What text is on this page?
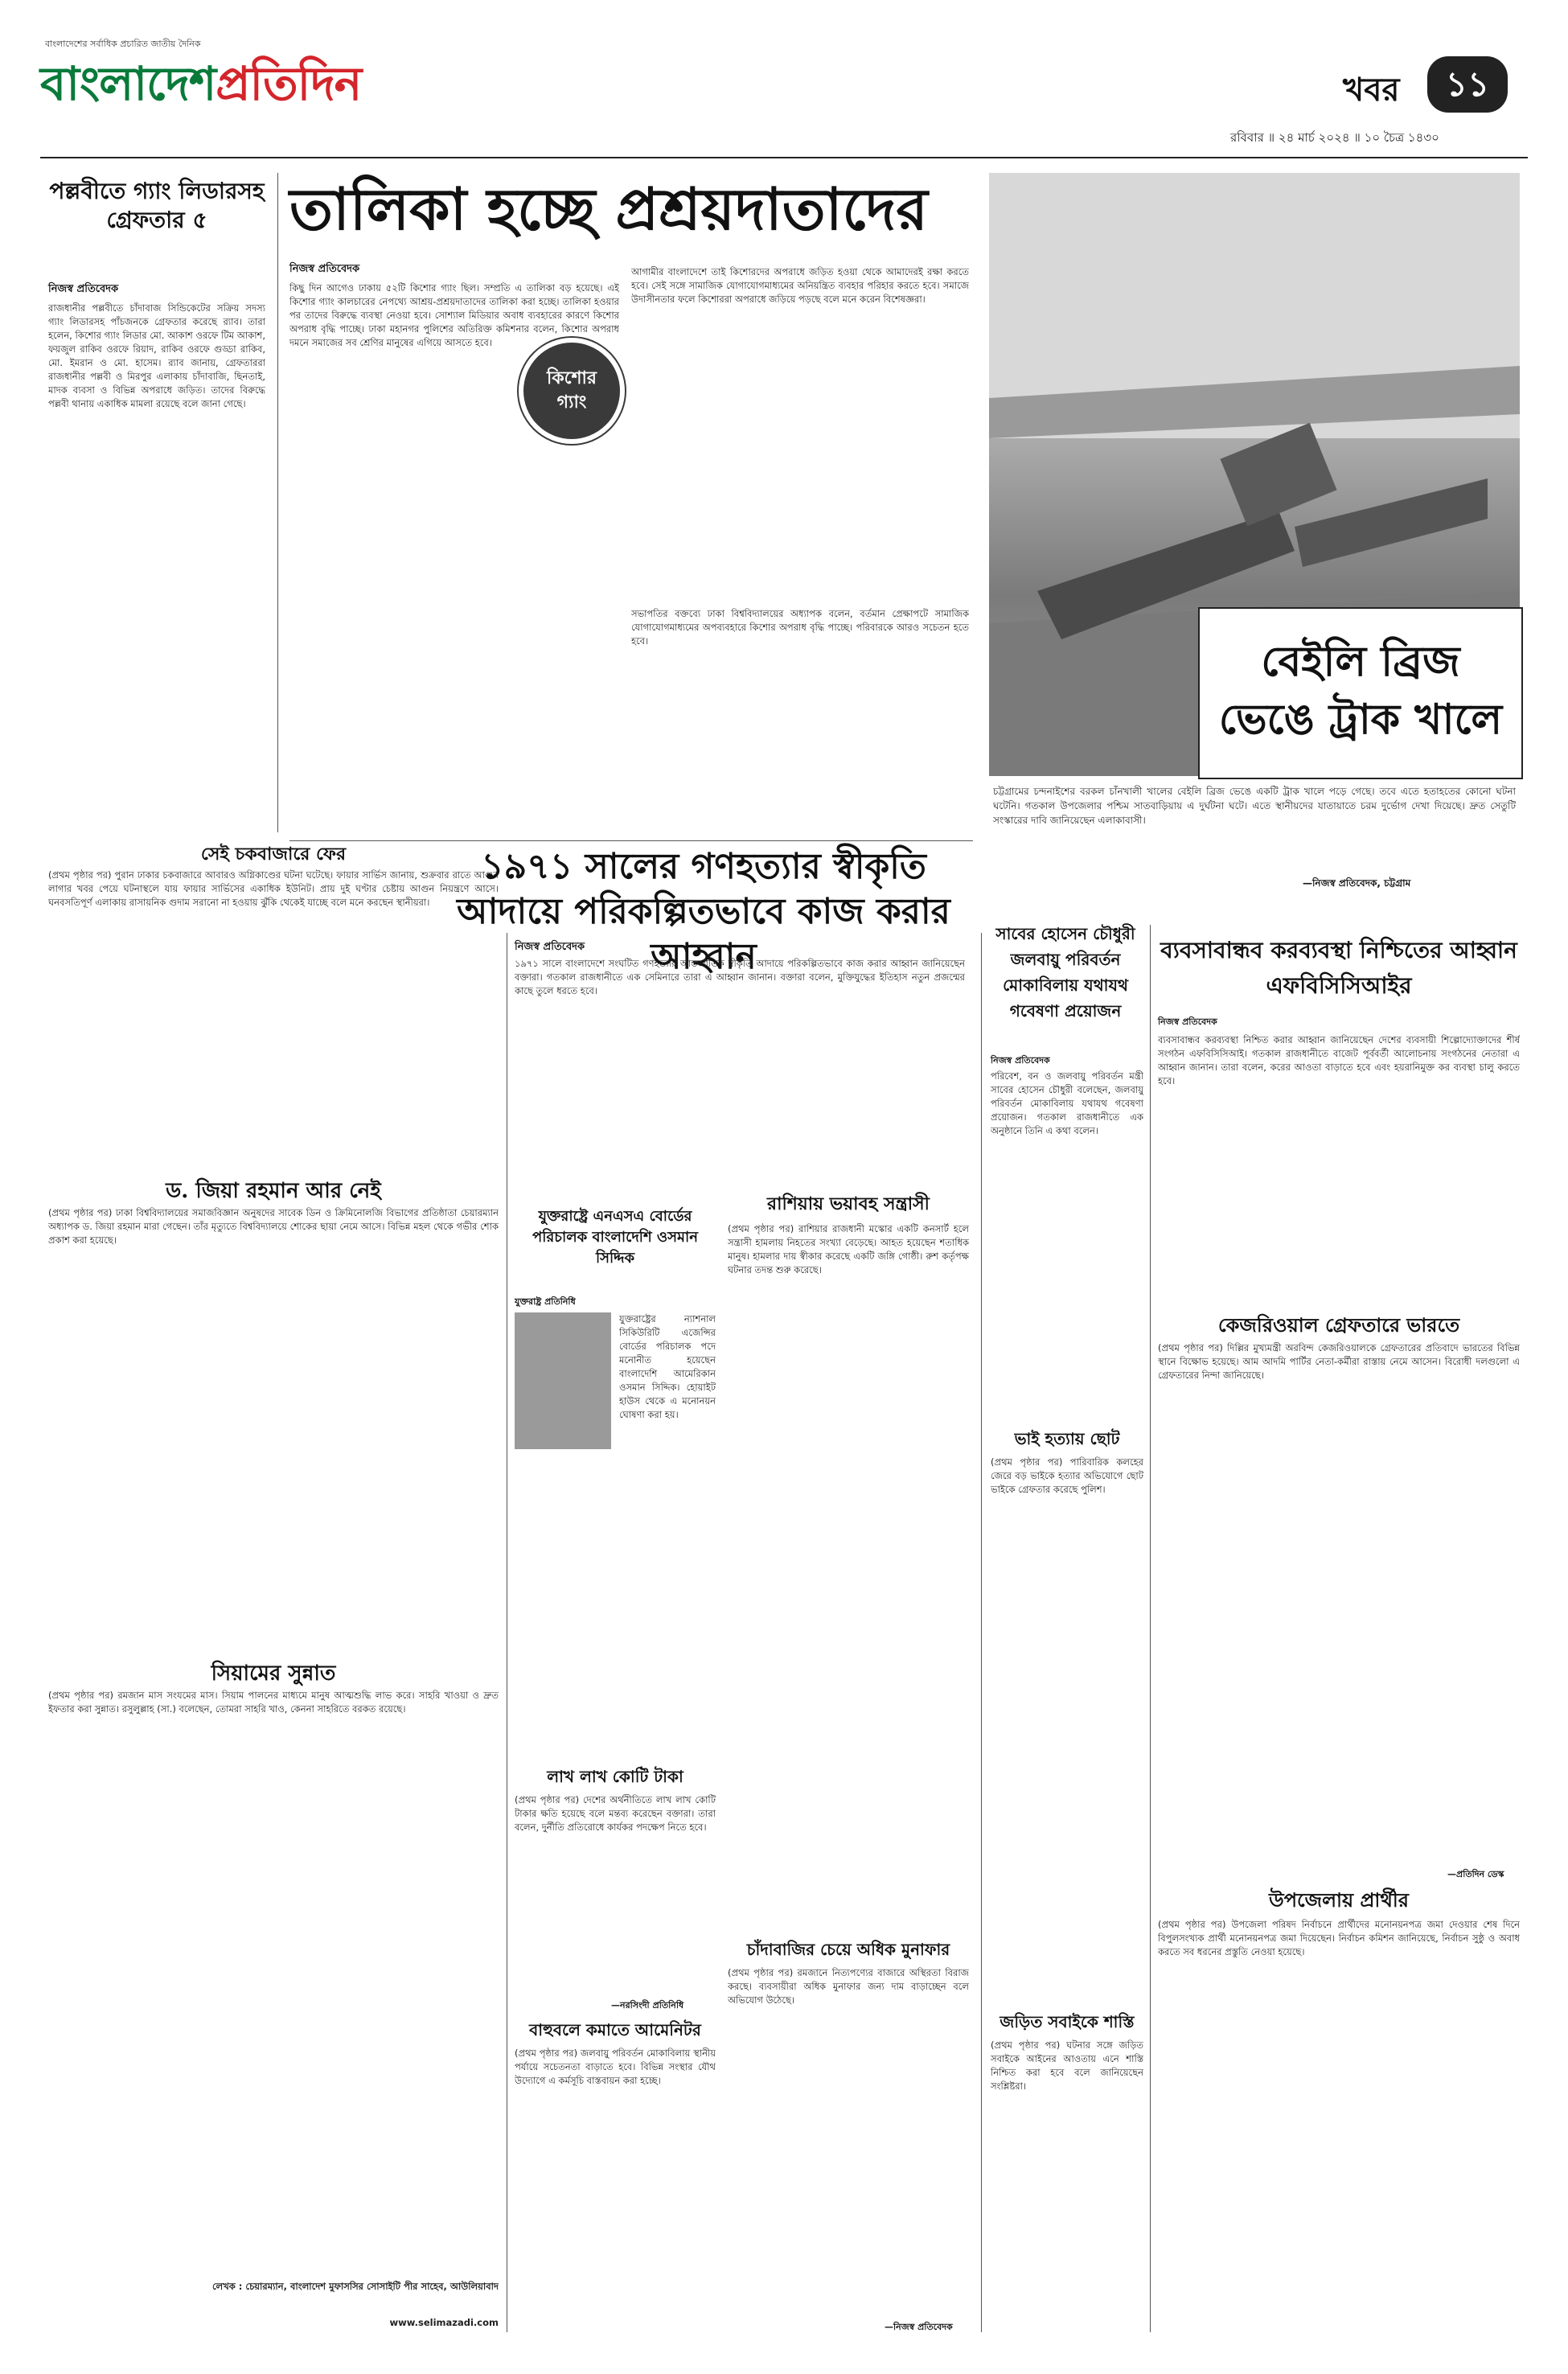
বাংলাদেশের সর্বাধিক প্রচারিত জাতীয় দৈনিক
বাংলাদেশপ্রতিদিন	খবর	১১
রবিবার ॥ ২৪ মার্চ ২০২৪ ॥ ১০ চৈত্র ১৪৩০
পল্লবীতে গ্যাং লিডারসহ গ্রেফতার ৫
নিজস্ব প্রতিবেদক
রাজধানীর পল্লবীতে চাঁদাবাজ সিন্ডিকেটের সক্রিয় সদস্য গ্যাং লিডারসহ পাঁচজনকে গ্রেফতার করেছে র‌্যাব। তারা হলেন, কিশোর গ্যাং লিডার মো. আকাশ ওরফে টিম আকাশ, ফয়জুল রাকিব ওরফে রিয়াদ, রাকিব ওরফে গুড্ডা রাকিব, মো. ইমরান ও মো. হাসেম। র‌্যাব জানায়, গ্রেফতাররা রাজধানীর পল্লবী ও মিরপুর এলাকায় চাঁদাবাজি, ছিনতাই, মাদক ব্যবসা ও বিভিন্ন অপরাধে জড়িত। তাদের বিরুদ্ধে পল্লবী থানায় একাধিক মামলা রয়েছে বলে জানা গেছে।
তালিকা হচ্ছে প্রশ্রয়দাতাদের
নিজস্ব প্রতিবেদক
কিছু দিন আগেও ঢাকায় ৫২টি কিশোর গ্যাং ছিল। সম্প্রতি এ তালিকা বড় হয়েছে। এই কিশোর গ্যাং কালচারের নেপথ্যে আশ্রয়-প্রশ্রয়দাতাদের তালিকা করা হচ্ছে। তালিকা হওয়ার পর তাদের বিরুদ্ধে ব্যবস্থা নেওয়া হবে। সোশ্যাল মিডিয়ার অবাধ ব্যবহারের কারণে কিশোর অপরাধ বৃদ্ধি পাচ্ছে। ঢাকা মহানগর পুলিশের অতিরিক্ত কমিশনার বলেন, কিশোর অপরাধ দমনে সমাজের সব শ্রেণির মানুষের এগিয়ে আসতে হবে।
কিশোর গ্যাং
আগামীর বাংলাদেশে তাই কিশোরদের অপরাধে জড়িত হওয়া থেকে আমাদেরই রক্ষা করতে হবে। সেই সঙ্গে সামাজিক যোগাযোগমাধ্যমের অনিয়ন্ত্রিত ব্যবহার পরিহার করতে হবে। সমাজে উদাসীনতার ফলে কিশোররা অপরাধে জড়িয়ে পড়ছে বলে মনে করেন বিশেষজ্ঞরা।
সভাপতির বক্তব্যে ঢাকা বিশ্ববিদ্যালয়ের অধ্যাপক বলেন, বর্তমান প্রেক্ষাপটে সামাজিক যোগাযোগমাধ্যমের অপব্যবহারে কিশোর অপরাধ বৃদ্ধি পাচ্ছে। পরিবারকে আরও সচেতন হতে হবে।	বেইলি ব্রিজ ভেঙে ট্রাক খালে
চট্টগ্রামের চন্দনাইশের বরকল চাঁনখালী খালের বেইলি ব্রিজ ভেঙে একটি ট্রাক খালে পড়ে গেছে। তবে এতে হতাহতের কোনো ঘটনা ঘটেনি। গতকাল উপজেলার পশ্চিম সাতবাড়িয়ায় এ দুর্ঘটনা ঘটে। এতে স্থানীয়দের যাতায়াতে চরম দুর্ভোগ দেখা দিয়েছে। দ্রুত সেতুটি সংস্কারের দাবি জানিয়েছেন এলাকাবাসী।
—নিজস্ব প্রতিবেদক, চট্টগ্রাম
সেই চকবাজারে ফের
(প্রথম পৃষ্ঠার পর) পুরান ঢাকার চকবাজারে আবারও অগ্নিকাণ্ডের ঘটনা ঘটেছে। ফায়ার সার্ভিস জানায়, শুক্রবার রাতে আগুন লাগার খবর পেয়ে ঘটনাস্থলে যায় ফায়ার সার্ভিসের একাধিক ইউনিট। প্রায় দুই ঘণ্টার চেষ্টায় আগুন নিয়ন্ত্রণে আসে। ঘনবসতিপূর্ণ এলাকায় রাসায়নিক গুদাম সরানো না হওয়ায় ঝুঁকি থেকেই যাচ্ছে বলে মনে করছেন স্থানীয়রা।
ড. জিয়া রহমান আর নেই
(প্রথম পৃষ্ঠার পর) ঢাকা বিশ্ববিদ্যালয়ের সমাজবিজ্ঞান অনুষদের সাবেক ডিন ও ক্রিমিনোলজি বিভাগের প্রতিষ্ঠাতা চেয়ারম্যান অধ্যাপক ড. জিয়া রহমান মারা গেছেন। তাঁর মৃত্যুতে বিশ্ববিদ্যালয়ে শোকের ছায়া নেমে আসে। বিভিন্ন মহল থেকে গভীর শোক প্রকাশ করা হয়েছে।
সিয়ামের সুন্নাত
(প্রথম পৃষ্ঠার পর) রমজান মাস সংযমের মাস। সিয়াম পালনের মাধ্যমে মানুষ আত্মশুদ্ধি লাভ করে। সাহরি খাওয়া ও দ্রুত ইফতার করা সুন্নাত। রসুলুল্লাহ (সা.) বলেছেন, তোমরা সাহরি খাও, কেননা সাহরিতে বরকত রয়েছে।
লেখক : চেয়ারম্যান, বাংলাদেশ মুফাসসির সোসাইটি পীর সাহেব, আউলিয়াবাদ
www.selimazadi.com
১৯৭১ সালের গণহত্যার স্বীকৃতি আদায়ে পরিকল্পিতভাবে কাজ করার আহ্বান
নিজস্ব প্রতিবেদক
১৯৭১ সালে বাংলাদেশে সংঘটিত গণহত্যার আন্তর্জাতিক স্বীকৃতি আদায়ে পরিকল্পিতভাবে কাজ করার আহ্বান জানিয়েছেন বক্তারা। গতকাল রাজধানীতে এক সেমিনারে তারা এ আহ্বান জানান। বক্তারা বলেন, মুক্তিযুদ্ধের ইতিহাস নতুন প্রজন্মের কাছে তুলে ধরতে হবে।
যুক্তরাষ্ট্রে এনএসএ বোর্ডের পরিচালক বাংলাদেশি ওসমান সিদ্দিক
যুক্তরাষ্ট্র প্রতিনিধি
যুক্তরাষ্ট্রের ন্যাশনাল সিকিউরিটি এজেন্সির বোর্ডের পরিচালক পদে মনোনীত হয়েছেন বাংলাদেশি আমেরিকান ওসমান সিদ্দিক। হোয়াইট হাউস থেকে এ মনোনয়ন ঘোষণা করা হয়।
লাখ লাখ কোটি টাকা
(প্রথম পৃষ্ঠার পর) দেশের অর্থনীতিতে লাখ লাখ কোটি টাকার ক্ষতি হয়েছে বলে মন্তব্য করেছেন বক্তারা। তারা বলেন, দুর্নীতি প্রতিরোধে কার্যকর পদক্ষেপ নিতে হবে।
—নরসিংদী প্রতিনিধি
বাহুবলে কমাতে আমেনিটর
(প্রথম পৃষ্ঠার পর) জলবায়ু পরিবর্তন মোকাবিলায় স্থানীয় পর্যায়ে সচেতনতা বাড়াতে হবে। বিভিন্ন সংস্থার যৌথ উদ্যোগে এ কর্মসূচি বাস্তবায়ন করা হচ্ছে।
রাশিয়ায় ভয়াবহ সন্ত্রাসী
(প্রথম পৃষ্ঠার পর) রাশিয়ার রাজধানী মস্কোর একটি কনসার্ট হলে সন্ত্রাসী হামলায় নিহতের সংখ্যা বেড়েছে। আহত হয়েছেন শতাধিক মানুষ। হামলার দায় স্বীকার করেছে একটি জঙ্গি গোষ্ঠী। রুশ কর্তৃপক্ষ ঘটনার তদন্ত শুরু করেছে।
চাঁদাবাজির চেয়ে অধিক মুনাফার
(প্রথম পৃষ্ঠার পর) রমজানে নিত্যপণ্যের বাজারে অস্থিরতা বিরাজ করছে। ব্যবসায়ীরা অধিক মুনাফার জন্য দাম বাড়াচ্ছেন বলে অভিযোগ উঠেছে।
—নিজস্ব প্রতিবেদক
সাবের হোসেন চৌধুরী জলবায়ু পরিবর্তন মোকাবিলায় যথাযথ গবেষণা প্রয়োজন
নিজস্ব প্রতিবেদক
পরিবেশ, বন ও জলবায়ু পরিবর্তন মন্ত্রী সাবের হোসেন চৌধুরী বলেছেন, জলবায়ু পরিবর্তন মোকাবিলায় যথাযথ গবেষণা প্রয়োজন। গতকাল রাজধানীতে এক অনুষ্ঠানে তিনি এ কথা বলেন।
ভাই হত্যায় ছোট
(প্রথম পৃষ্ঠার পর) পারিবারিক কলহের জেরে বড় ভাইকে হত্যার অভিযোগে ছোট ভাইকে গ্রেফতার করেছে পুলিশ।
জড়িত সবাইকে শাস্তি
(প্রথম পৃষ্ঠার পর) ঘটনার সঙ্গে জড়িত সবাইকে আইনের আওতায় এনে শাস্তি নিশ্চিত করা হবে বলে জানিয়েছেন সংশ্লিষ্টরা।
ব্যবসাবান্ধব করব্যবস্থা নিশ্চিতের আহ্বান এফবিসিসিআইর
নিজস্ব প্রতিবেদক
ব্যবসাবান্ধব করব্যবস্থা নিশ্চিত করার আহ্বান জানিয়েছেন দেশের ব্যবসায়ী শিল্পোদ্যোক্তাদের শীর্ষ সংগঠন এফবিসিসিআই। গতকাল রাজধানীতে বাজেট পূর্ববর্তী আলোচনায় সংগঠনের নেতারা এ আহ্বান জানান। তারা বলেন, করের আওতা বাড়াতে হবে এবং হয়রানিমুক্ত কর ব্যবস্থা চালু করতে হবে।
কেজরিওয়াল গ্রেফতারে ভারতে
(প্রথম পৃষ্ঠার পর) দিল্লির মুখ্যমন্ত্রী অরবিন্দ কেজরিওয়ালকে গ্রেফতারের প্রতিবাদে ভারতের বিভিন্ন স্থানে বিক্ষোভ হয়েছে। আম আদমি পার্টির নেতা-কর্মীরা রাস্তায় নেমে আসেন। বিরোধী দলগুলো এ গ্রেফতারের নিন্দা জানিয়েছে।
—প্রতিদিন ডেস্ক
উপজেলায় প্রার্থীর
(প্রথম পৃষ্ঠার পর) উপজেলা পরিষদ নির্বাচনে প্রার্থীদের মনোনয়নপত্র জমা দেওয়ার শেষ দিনে বিপুলসংখ্যক প্রার্থী মনোনয়নপত্র জমা দিয়েছেন। নির্বাচন কমিশন জানিয়েছে, নির্বাচন সুষ্ঠু ও অবাধ করতে সব ধরনের প্রস্তুতি নেওয়া হয়েছে।
